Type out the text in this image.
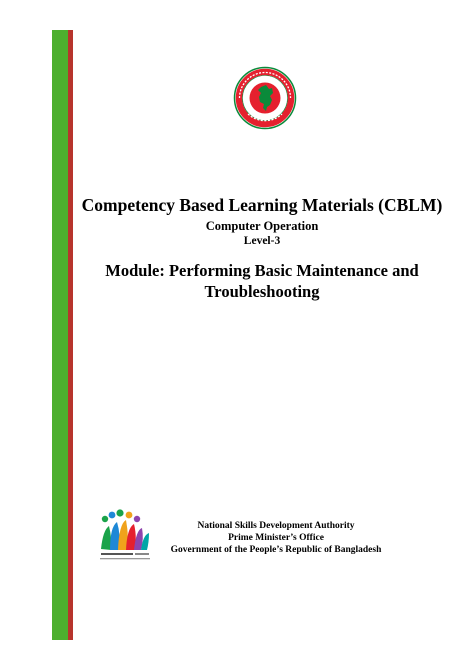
Competency Based Learning Materials (CBLM)
Computer Operation
Level-3
Module: Performing Basic Maintenance and
Troubleshooting
National Skills Development Authority
Prime Minister’s Office
Government of the People’s Republic of Bangladesh
